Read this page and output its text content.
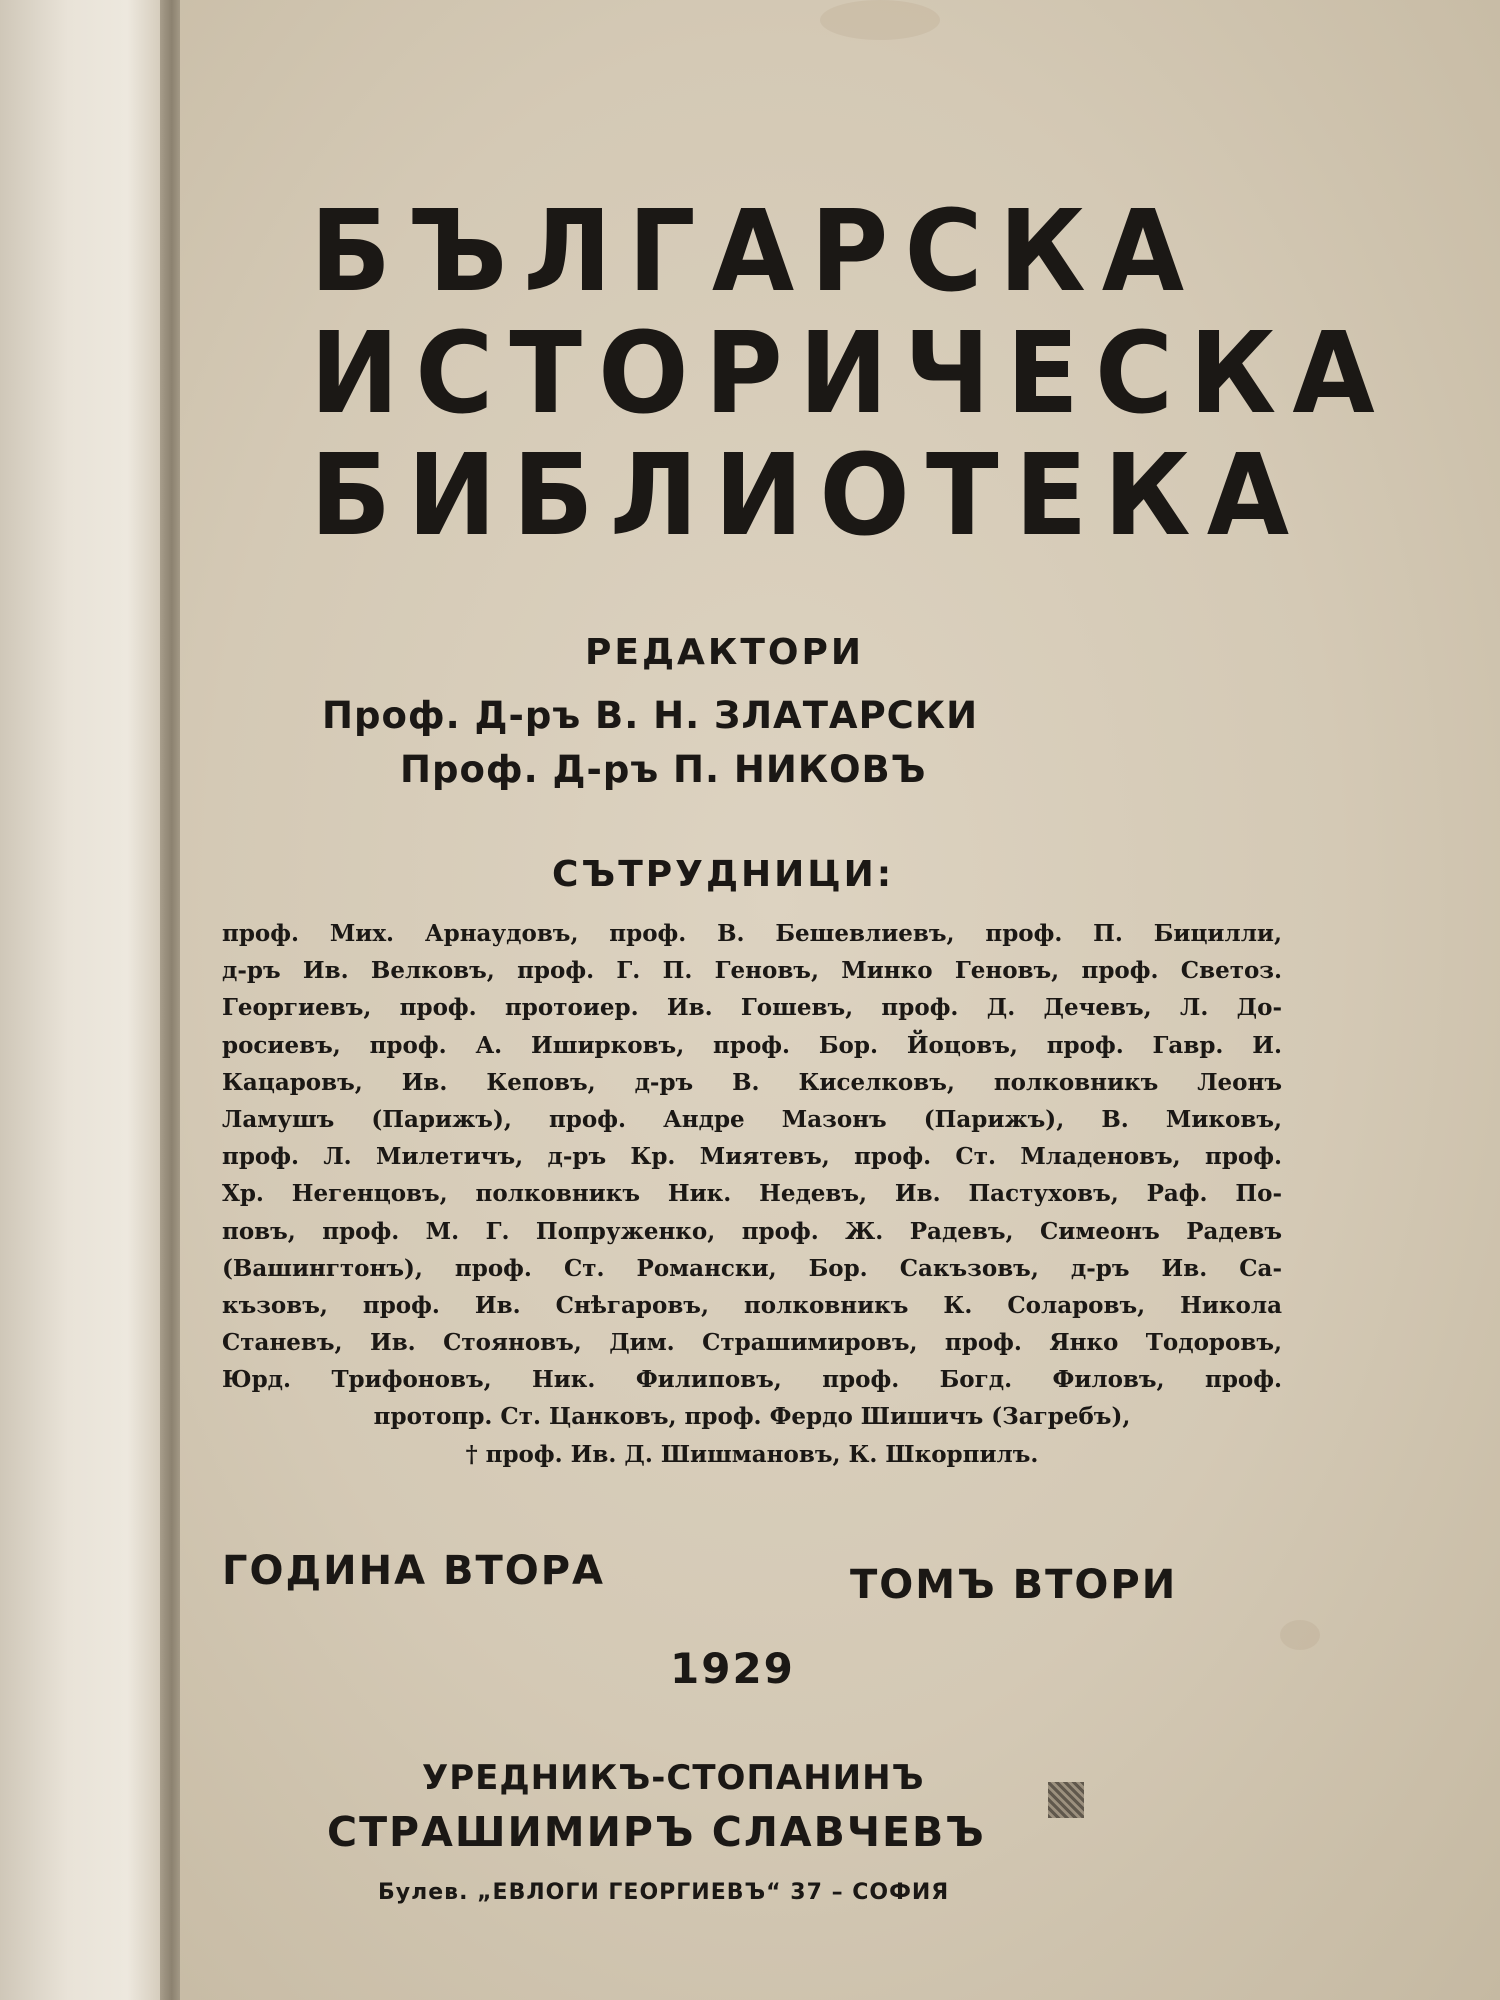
БЪЛГАРСКА
ИСТОРИЧЕСКА
БИБЛИОТЕКА
РЕДАКТОРИ
Проф. Д-ръ В. Н. ЗЛАТАРСКИ
Проф. Д-ръ П. НИКОВЪ
СЪТРУДНИЦИ:
проф. Мих. Арнаудовъ, проф. В. Бешевлиевъ, проф. П. Бицилли,
д-ръ Ив. Велковъ, проф. Г. П. Геновъ, Минко Геновъ, проф. Светоз.
Георгиевъ, проф. протоиер. Ив. Гошевъ, проф. Д. Дечевъ, Л. До-
росиевъ, проф. А. Иширковъ, проф. Бор. Йоцовъ, проф. Гавр. И.
Кацаровъ, Ив. Кеповъ, д-ръ В. Киселковъ, полковникъ Леонъ
Ламушъ (Парижъ), проф. Андре Мазонъ (Парижъ), В. Миковъ,
проф. Л. Милетичъ, д-ръ Кр. Миятевъ, проф. Ст. Младеновъ, проф.
Хр. Негенцовъ, полковникъ Ник. Недевъ, Ив. Пастуховъ, Раф. По-
повъ, проф. М. Г. Попруженко, проф. Ж. Радевъ, Симеонъ Радевъ
(Вашингтонъ), проф. Ст. Романски, Бор. Сакъзовъ, д-ръ Ив. Са-
къзовъ, проф. Ив. Снѣгаровъ, полковникъ К. Соларовъ, Никола
Станевъ, Ив. Стояновъ, Дим. Страшимировъ, проф. Янко Тодоровъ,
Юрд. Трифоновъ, Ник. Филиповъ, проф. Богд. Филовъ, проф.
протопр. Ст. Цанковъ, проф. Фердо Шишичъ (Загребъ),
† проф. Ив. Д. Шишмановъ, К. Шкорпилъ.
ГОДИНА ВТОРА	ТОМЪ ВТОРИ
1929
УРЕДНИКЪ-СТОПАНИНЪ
СТРАШИМИРЪ СЛАВЧЕВЪ
Булев. „ЕВЛОГИ ГЕОРГИЕВЪ“ 37 – СОФИЯ
